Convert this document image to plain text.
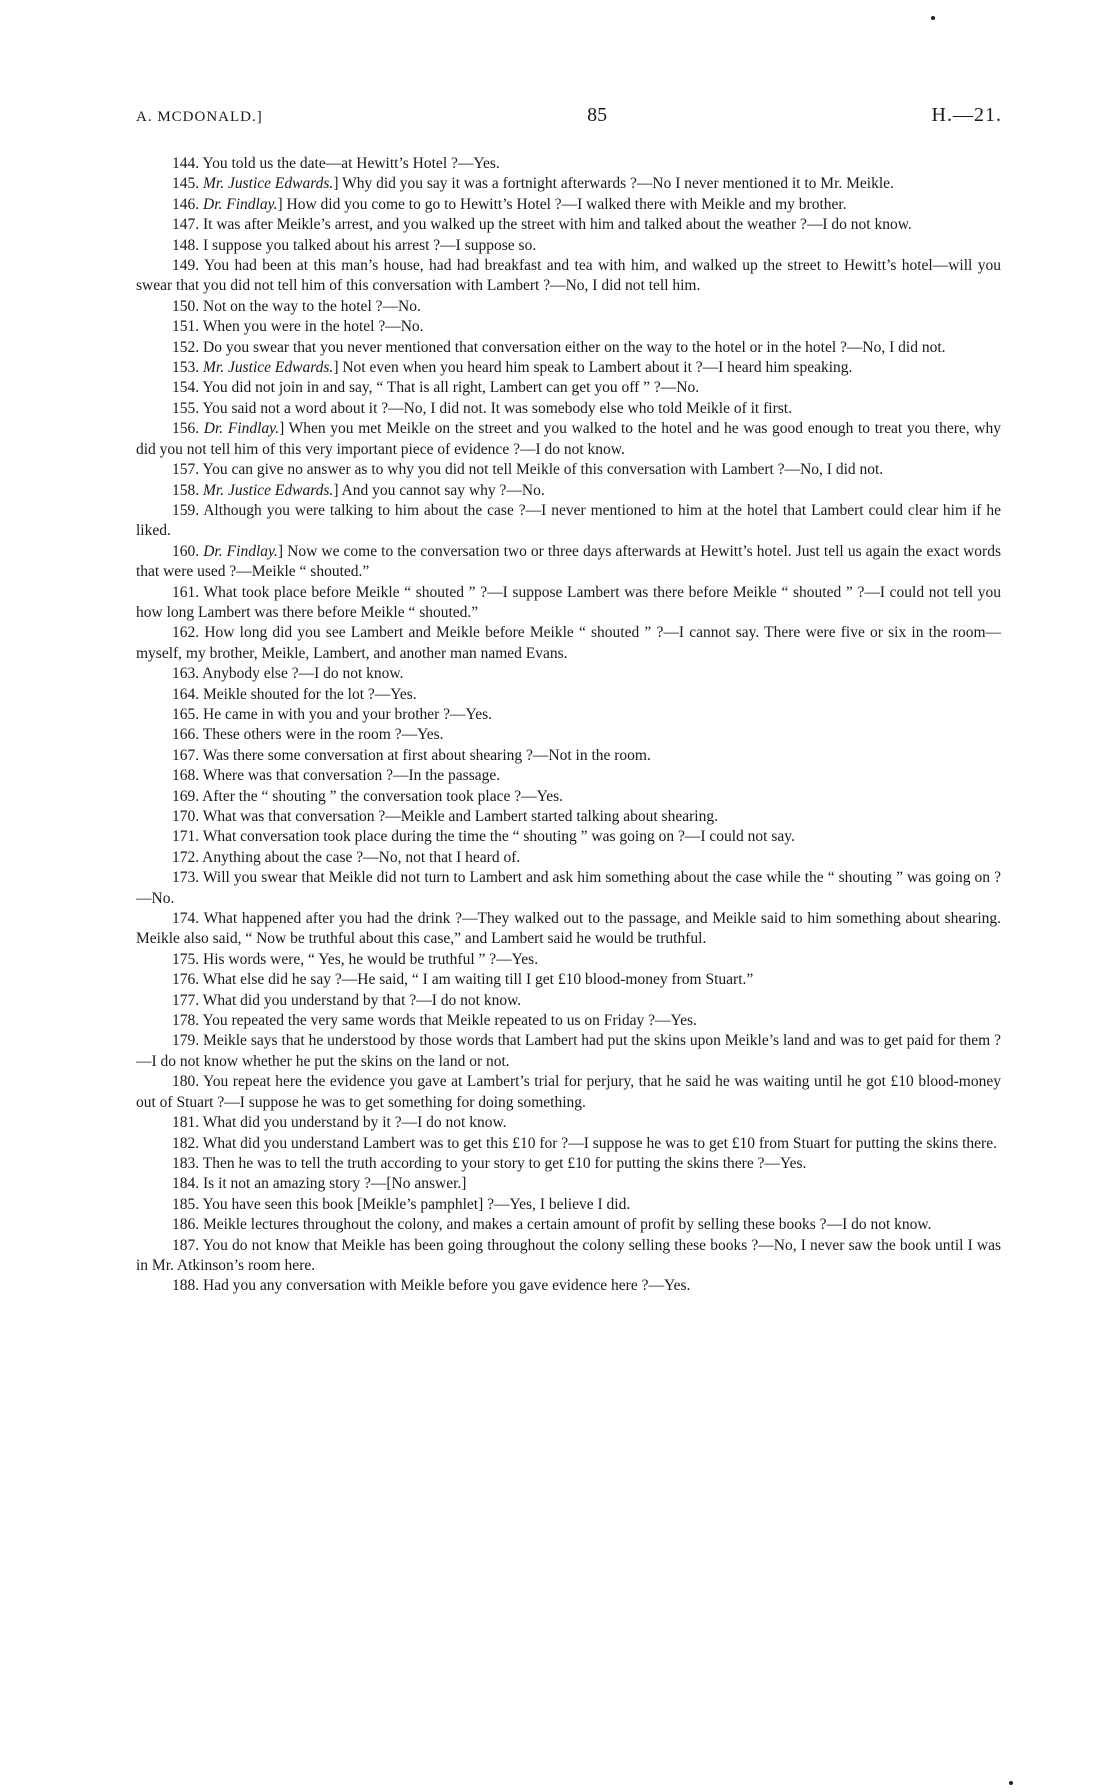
A. MCDONALD.]	85	H.—21.

144. You told us the date—at Hewitt’s Hotel ?—Yes.

145. Mr. Justice Edwards.] Why did you say it was a fortnight afterwards ?—No I never mentioned it to Mr. Meikle.

146. Dr. Findlay.] How did you come to go to Hewitt’s Hotel ?—I walked there with Meikle and my brother.

147. It was after Meikle’s arrest, and you walked up the street with him and talked about the weather ?—I do not know.

148. I suppose you talked about his arrest ?—I suppose so.

149. You had been at this man’s house, had had breakfast and tea with him, and walked up the street to Hewitt’s hotel—will you swear that you did not tell him of this conversation with Lambert ?—No, I did not tell him.

150. Not on the way to the hotel ?—No.

151. When you were in the hotel ?—No.

152. Do you swear that you never mentioned that conversation either on the way to the hotel or in the hotel ?—No, I did not.

153. Mr. Justice Edwards.] Not even when you heard him speak to Lambert about it ?—I heard him speaking.

154. You did not join in and say, “ That is all right, Lambert can get you off ” ?—No.

155. You said not a word about it ?—No, I did not. It was somebody else who told Meikle of it first.

156. Dr. Findlay.] When you met Meikle on the street and you walked to the hotel and he was good enough to treat you there, why did you not tell him of this very important piece of evidence ?—I do not know.

157. You can give no answer as to why you did not tell Meikle of this conversation with Lambert ?—No, I did not.

158. Mr. Justice Edwards.] And you cannot say why ?—No.

159. Although you were talking to him about the case ?—I never mentioned to him at the hotel that Lambert could clear him if he liked.

160. Dr. Findlay.] Now we come to the conversation two or three days afterwards at Hewitt’s hotel. Just tell us again the exact words that were used ?—Meikle “ shouted.”

161. What took place before Meikle “ shouted ” ?—I suppose Lambert was there before Meikle “ shouted ” ?—I could not tell you how long Lambert was there before Meikle “ shouted.”

162. How long did you see Lambert and Meikle before Meikle “ shouted ” ?—I cannot say. There were five or six in the room—myself, my brother, Meikle, Lambert, and another man named Evans.

163. Anybody else ?—I do not know.

164. Meikle shouted for the lot ?—Yes.

165. He came in with you and your brother ?—Yes.

166. These others were in the room ?—Yes.

167. Was there some conversation at first about shearing ?—Not in the room.

168. Where was that conversation ?—In the passage.

169. After the “ shouting ” the conversation took place ?—Yes.

170. What was that conversation ?—Meikle and Lambert started talking about shearing.

171. What conversation took place during the time the “ shouting ” was going on ?—I could not say.

172. Anything about the case ?—No, not that I heard of.

173. Will you swear that Meikle did not turn to Lambert and ask him something about the case while the “ shouting ” was going on ?—No.

174. What happened after you had the drink ?—They walked out to the passage, and Meikle said to him something about shearing. Meikle also said, “ Now be truthful about this case,” and Lambert said he would be truthful.

175. His words were, “ Yes, he would be truthful ” ?—Yes.

176. What else did he say ?—He said, “ I am waiting till I get £10 blood-money from Stuart.”

177. What did you understand by that ?—I do not know.

178. You repeated the very same words that Meikle repeated to us on Friday ?—Yes.

179. Meikle says that he understood by those words that Lambert had put the skins upon Meikle’s land and was to get paid for them ?—I do not know whether he put the skins on the land or not.

180. You repeat here the evidence you gave at Lambert’s trial for perjury, that he said he was waiting until he got £10 blood-money out of Stuart ?—I suppose he was to get something for doing something.

181. What did you understand by it ?—I do not know.

182. What did you understand Lambert was to get this £10 for ?—I suppose he was to get £10 from Stuart for putting the skins there.

183. Then he was to tell the truth according to your story to get £10 for putting the skins there ?—Yes.

184. Is it not an amazing story ?—[No answer.]

185. You have seen this book [Meikle’s pamphlet] ?—Yes, I believe I did.

186. Meikle lectures throughout the colony, and makes a certain amount of profit by selling these books ?—I do not know.

187. You do not know that Meikle has been going throughout the colony selling these books ?—No, I never saw the book until I was in Mr. Atkinson’s room here.

188. Had you any conversation with Meikle before you gave evidence here ?—Yes.
